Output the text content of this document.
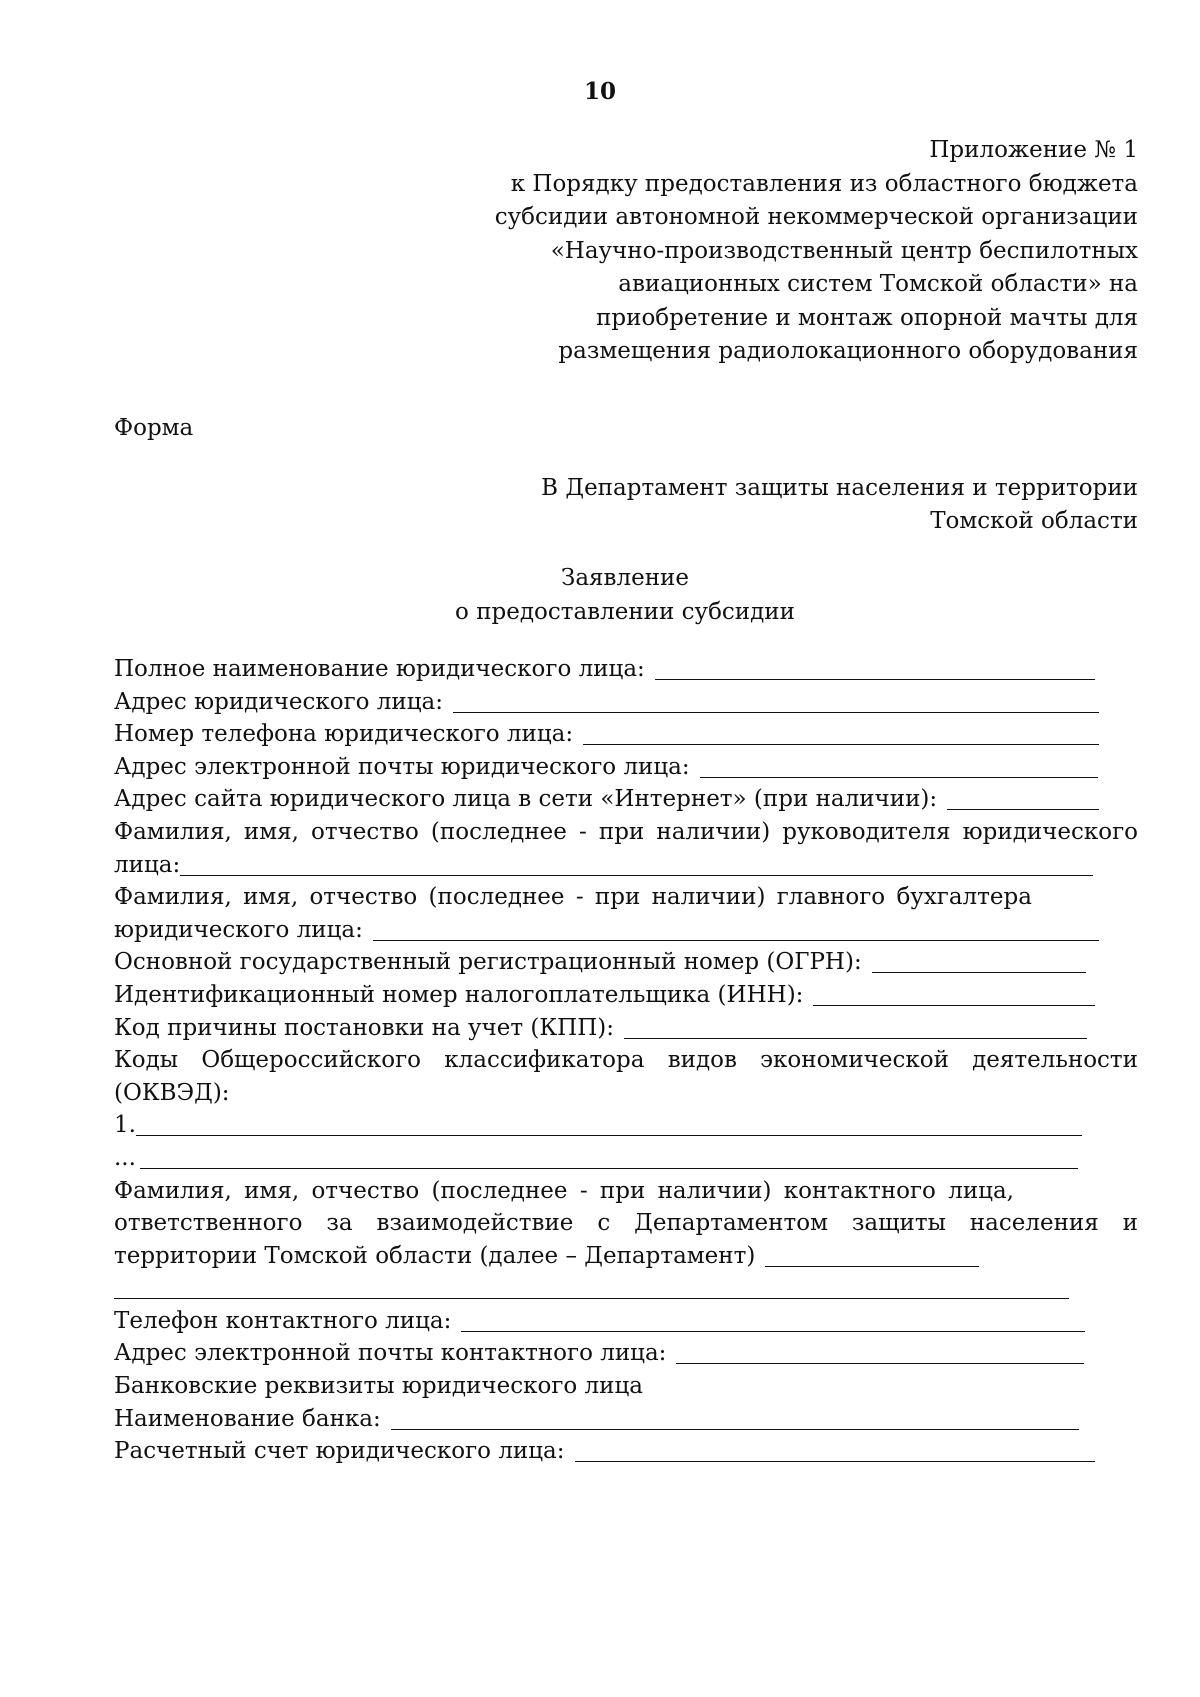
10
Приложение № 1
к Порядку предоставления из областного бюджета
субсидии автономной некоммерческой организации
«Научно-производственный центр беспилотных
авиационных систем Томской области» на
приобретение и монтаж опорной мачты для
размещения радиолокационного оборудования
Форма
В Департамент защиты населения и территории
Томской области
Заявление
о предоставлении субсидии
Полное наименование юридического лица:
Адрес юридического лица:
Номер телефона юридического лица:
Адрес электронной почты юридического лица:
Адрес сайта юридического лица в сети «Интернет» (при наличии):
Фамилия, имя, отчество (последнее - при наличии) руководителя юридического
лица:
Фамилия, имя, отчество (последнее - при наличии) главного бухгалтера
юридического лица:
Основной государственный регистрационный номер (ОГРН):
Идентификационный номер налогоплательщика (ИНН):
Код причины постановки на учет (КПП):
Коды Общероссийского классификатора видов экономической деятельности
(ОКВЭД):
1.
...
Фамилия, имя, отчество (последнее - при наличии) контактного лица,
ответственного за взаимодействие с Департаментом защиты населения и
территории Томской области (далее – Департамент)
Телефон контактного лица:
Адрес электронной почты контактного лица:
Банковские реквизиты юридического лица
Наименование банка:
Расчетный счет юридического лица:
